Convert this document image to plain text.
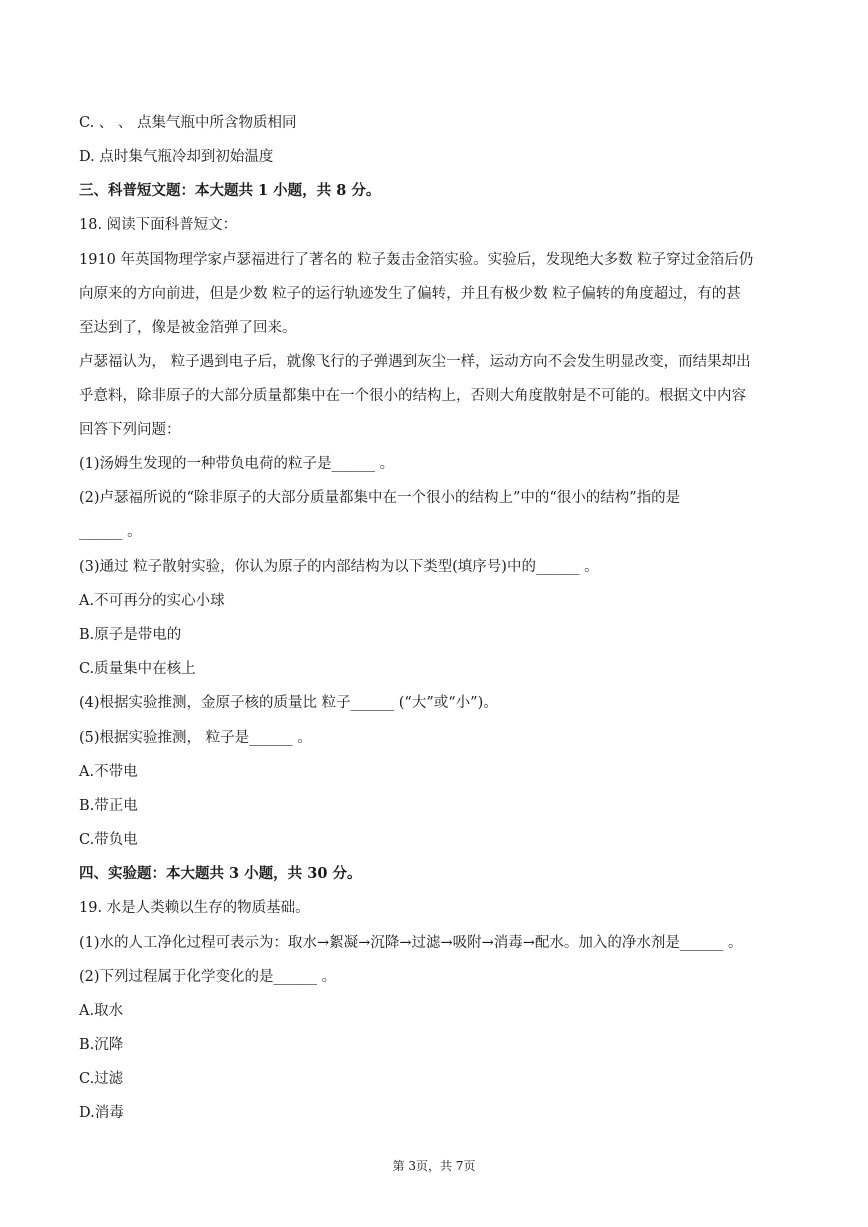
C. 、 、 点集气瓶中所含物质相同
D. 点时集气瓶冷却到初始温度
三、科普短文题：本大题共 1 小题，共 8 分。
18. 阅读下面科普短文：
1910 年英国物理学家卢瑟福进行了著名的 粒子轰击金箔实验。实验后，发现绝大多数 粒子穿过金箔后仍
向原来的方向前进，但是少数 粒子的运行轨迹发生了偏转，并且有极少数 粒子偏转的角度超过，有的甚
至达到了，像是被金箔弹了回来。
卢瑟福认为， 粒子遇到电子后，就像飞行的子弹遇到灰尘一样，运动方向不会发生明显改变，而结果却出
乎意料，除非原子的大部分质量都集中在一个很小的结构上，否则大角度散射是不可能的。根据文中内容
回答下列问题：
(1)汤姆生发现的一种带负电荷的粒子是______ 。
(2)卢瑟福所说的“除非原子的大部分质量都集中在一个很小的结构上”中的“很小的结构”指的是
______ 。
(3)通过 粒子散射实验，你认为原子的内部结构为以下类型(填序号)中的______ 。
A.不可再分的实心小球
B.原子是带电的
C.质量集中在核上
(4)根据实验推测，金原子核的质量比 粒子______ (“大”或“小”)。
(5)根据实验推测， 粒子是______ 。
A.不带电
B.带正电
C.带负电
四、实验题：本大题共 3 小题，共 30 分。
19. 水是人类赖以生存的物质基础。
(1)水的人工净化过程可表示为：取水→絮凝→沉降→过滤→吸附→消毒→配水。加入的净水剂是______ 。
(2)下列过程属于化学变化的是______ 。
A.取水
B.沉降
C.过滤
D.消毒
第 3页，共 7页
